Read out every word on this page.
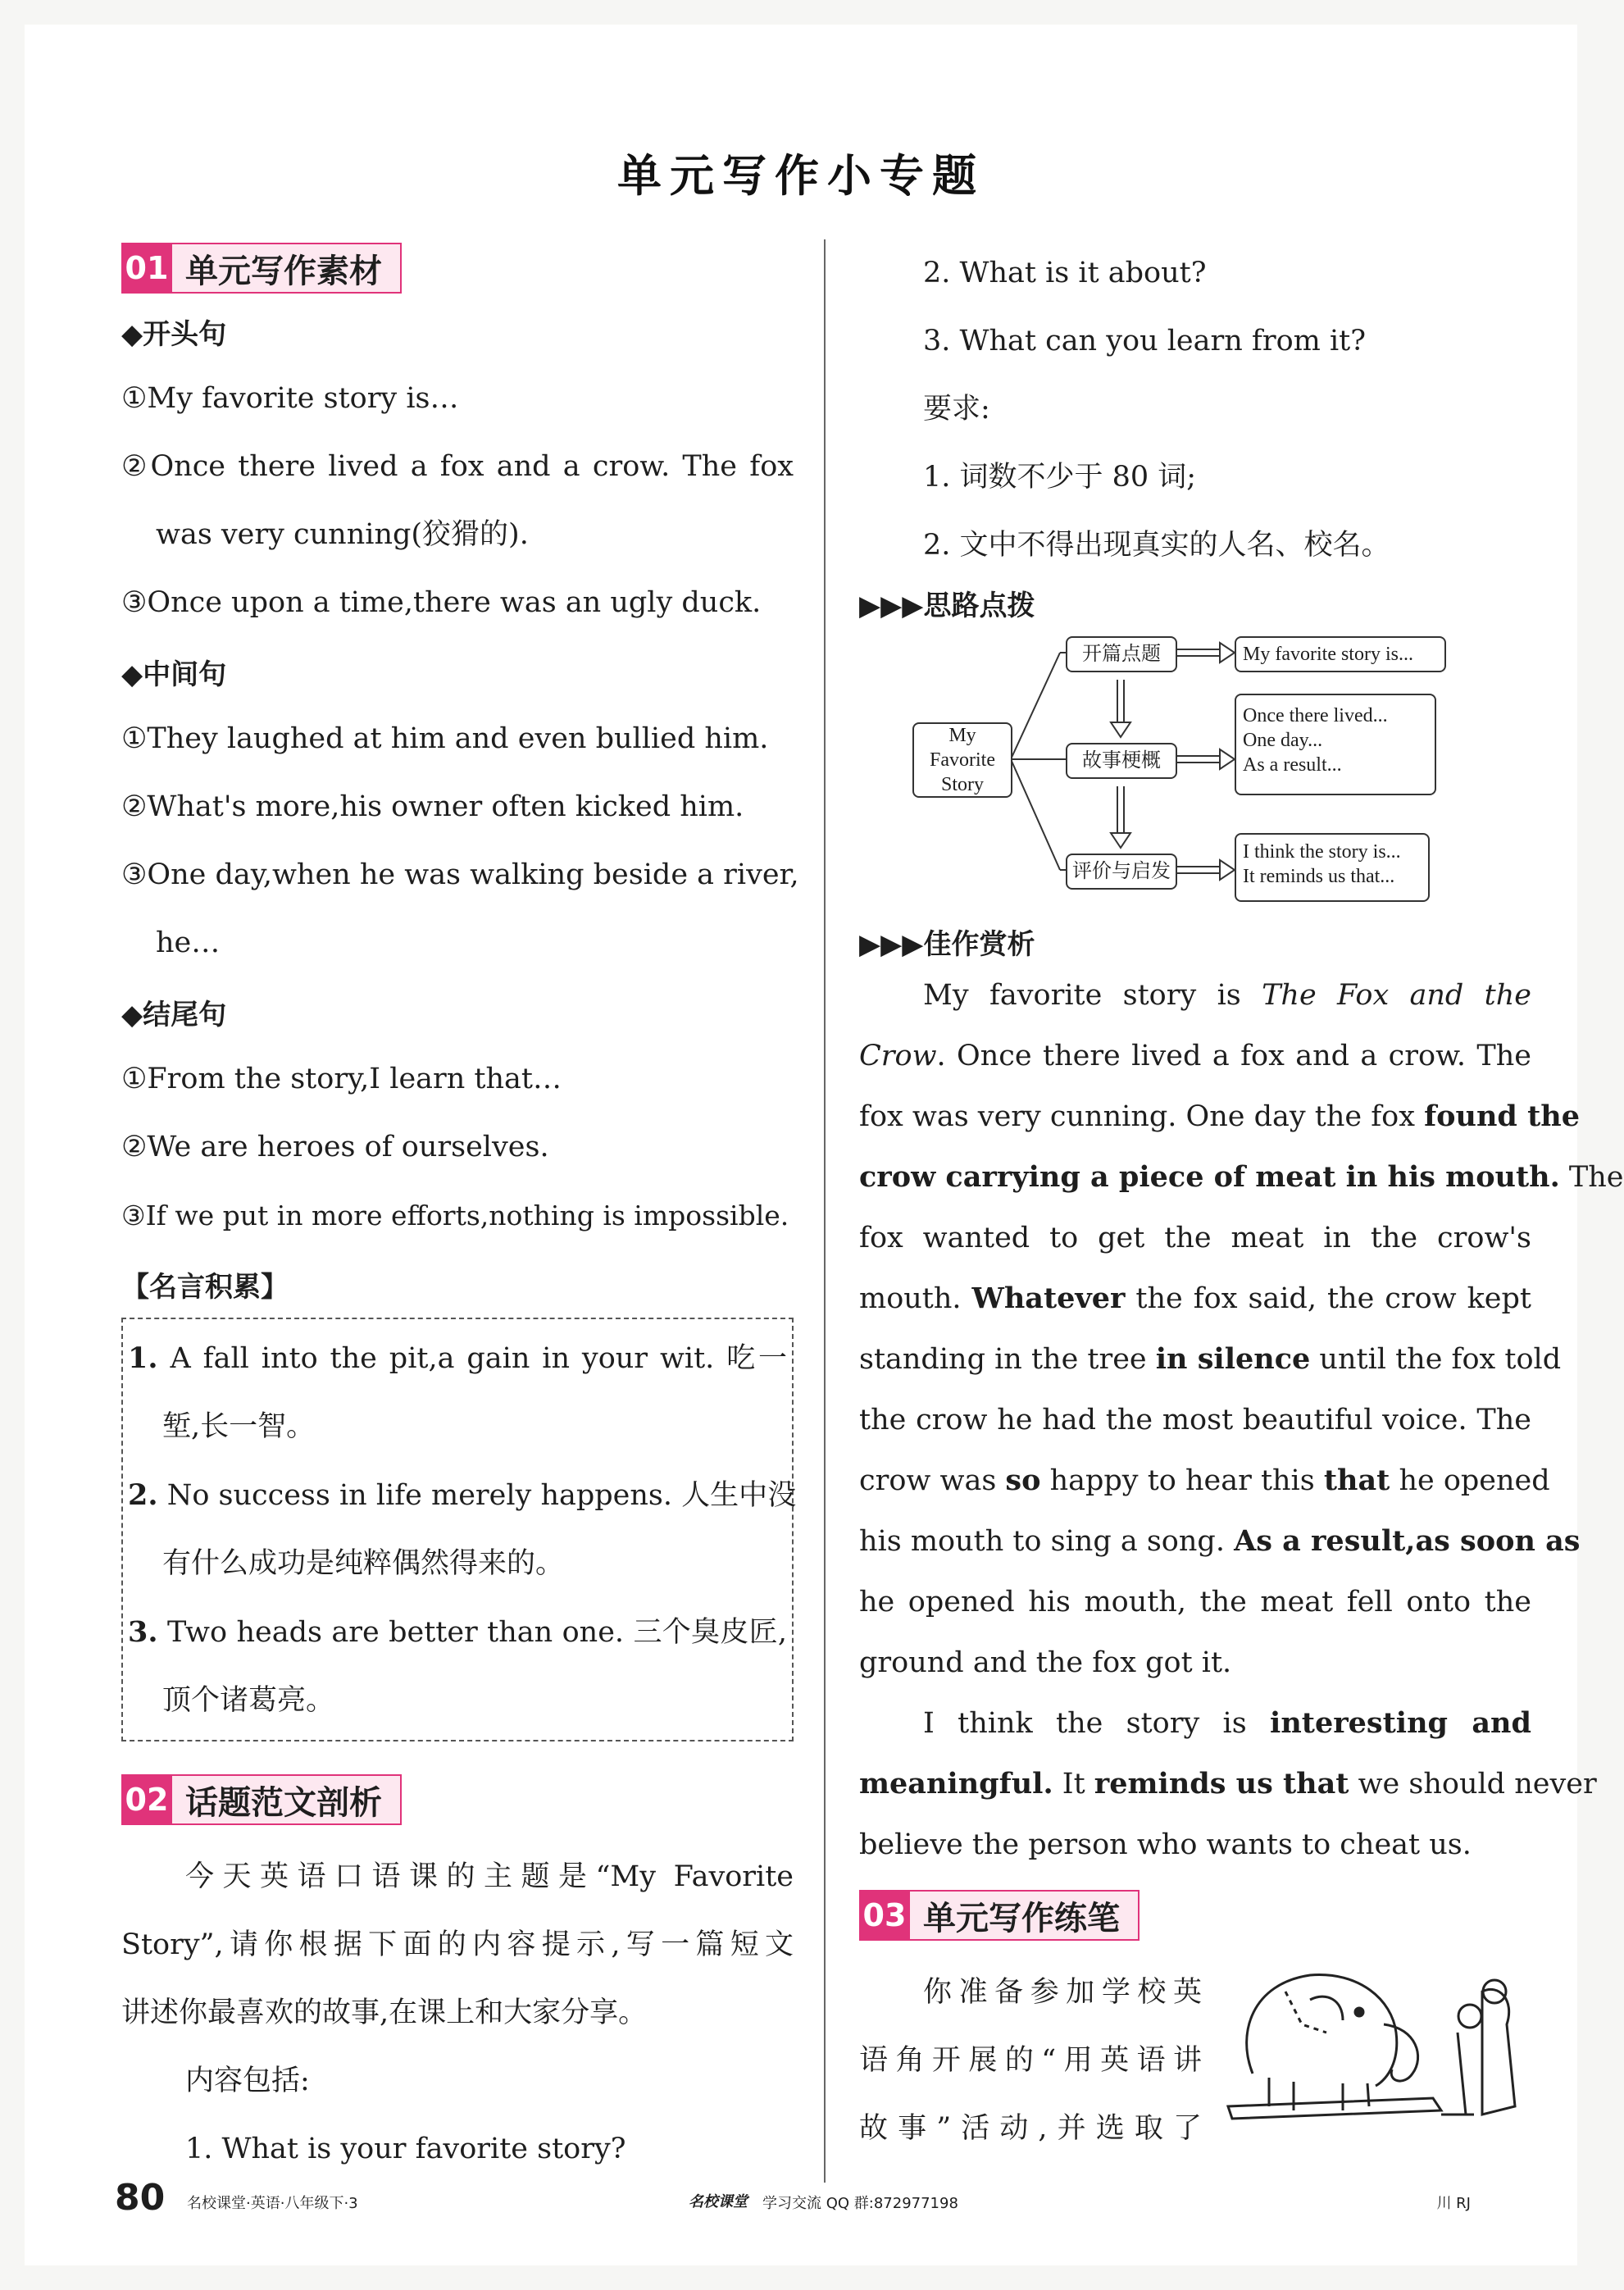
单元写作小专题
01 单元写作素材
◆开头句
①My favorite story is…
②Once there lived a fox and a crow. The fox
was very cunning(狡猾的).
③Once upon a time,there was an ugly duck.
◆中间句
①They laughed at him and even bullied him.
②What's more,his owner often kicked him.
③One day,when he was walking beside a river,
he…
◆结尾句
①From the story,I learn that…
②We are heroes of ourselves.
③If we put in more efforts,nothing is impossible.
【名言积累】
1. A fall into the pit,a gain in your wit. 吃一
堑,长一智。
2. No success in life merely happens. 人生中没
有什么成功是纯粹偶然得来的。
3. Two heads are better than one. 三个臭皮匠,
顶个诸葛亮。
02 话题范文剖析
今天英语口语课的主题是“My Favorite
Story”,请你根据下面的内容提示,写一篇短文
讲述你最喜欢的故事,在课上和大家分享。
内容包括:
1. What is your favorite story?
2. What is it about?
3. What can you learn from it?
要求:
1. 词数不少于 80 词;
2. 文中不得出现真实的人名、校名。
▶▶▶思路点拨
My Favorite
Story
开篇点题
故事梗概
评价与启发
My favorite story is...
Once there lived...
One day...
As a result...
I think the story is...
It reminds us that...
▶▶▶佳作赏析
My favorite story is The Fox and the
Crow. Once there lived a fox and a crow. The
fox was very cunning. One day the fox found the
crow carrying a piece of meat in his mouth. The
fox wanted to get the meat in the crow's
mouth. Whatever the fox said, the crow kept
standing in the tree in silence until the fox told
the crow he had the most beautiful voice. The
crow was so happy to hear this that he opened
his mouth to sing a song. As a result,as soon as
he opened his mouth, the meat fell onto the
ground and the fox got it.
I think the story is interesting and
meaningful. It reminds us that we should never
believe the person who wants to cheat us.
03 单元写作练笔
你准备参加学校英
语角开展的“用英语讲
故事”活动,并选取了
80 名校课堂·英语·八年级下·3	名校课堂 学习交流 QQ 群:872977198	川 RJ
